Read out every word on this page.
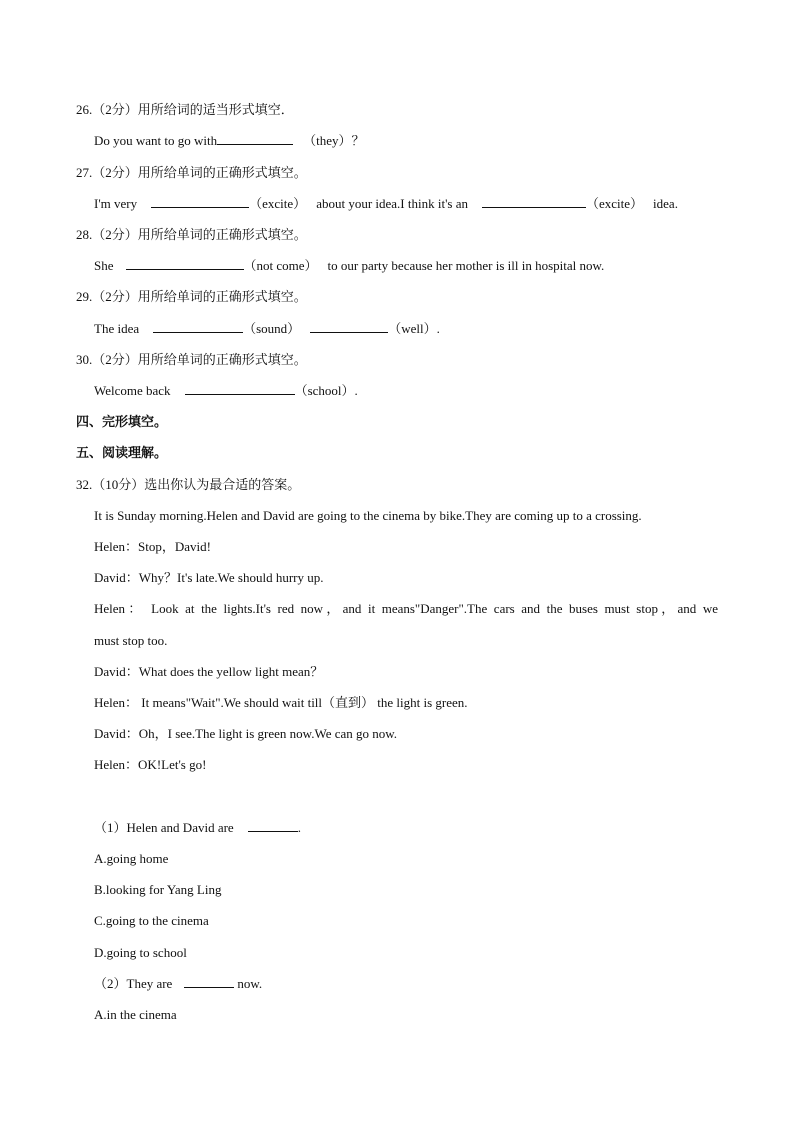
26.（2分）用所给词的适当形式填空．
Do you want to go with	（they）？
27.（2分）用所给单词的正确形式填空。
I'm very	（excite） about your idea.I think it's an	（excite） idea.
28.（2分）用所给单词的正确形式填空。
She	（not come） to our party because her mother is ill in hospital now.
29.（2分）用所给单词的正确形式填空。
The idea	（sound）	（well）.
30.（2分）用所给单词的正确形式填空。
Welcome back	（school）.
四、完形填空。
五、阅读理解。
32.（10分）选出你认为最合适的答案。
It is Sunday morning.Helen and David are going to the cinema by bike.They are coming up to a crossing.
Helen：Stop，David!
David：Why？It's late.We should hurry up.
Helen： Look at the lights.It's red now，and it means"Danger".The cars and the buses must stop，and we
must stop too.
David：What does the yellow light mean？
Helen： It means"Wait".We should wait till（直到） the light is green.
David：Oh，I see.The light is green now.We can go now.
Helen：OK!Let's go!
（1）Helen and David are	.
A.going home
B.looking for Yang Ling
C.going to the cinema
D.going to school
（2）They are	now.
A.in the cinema
